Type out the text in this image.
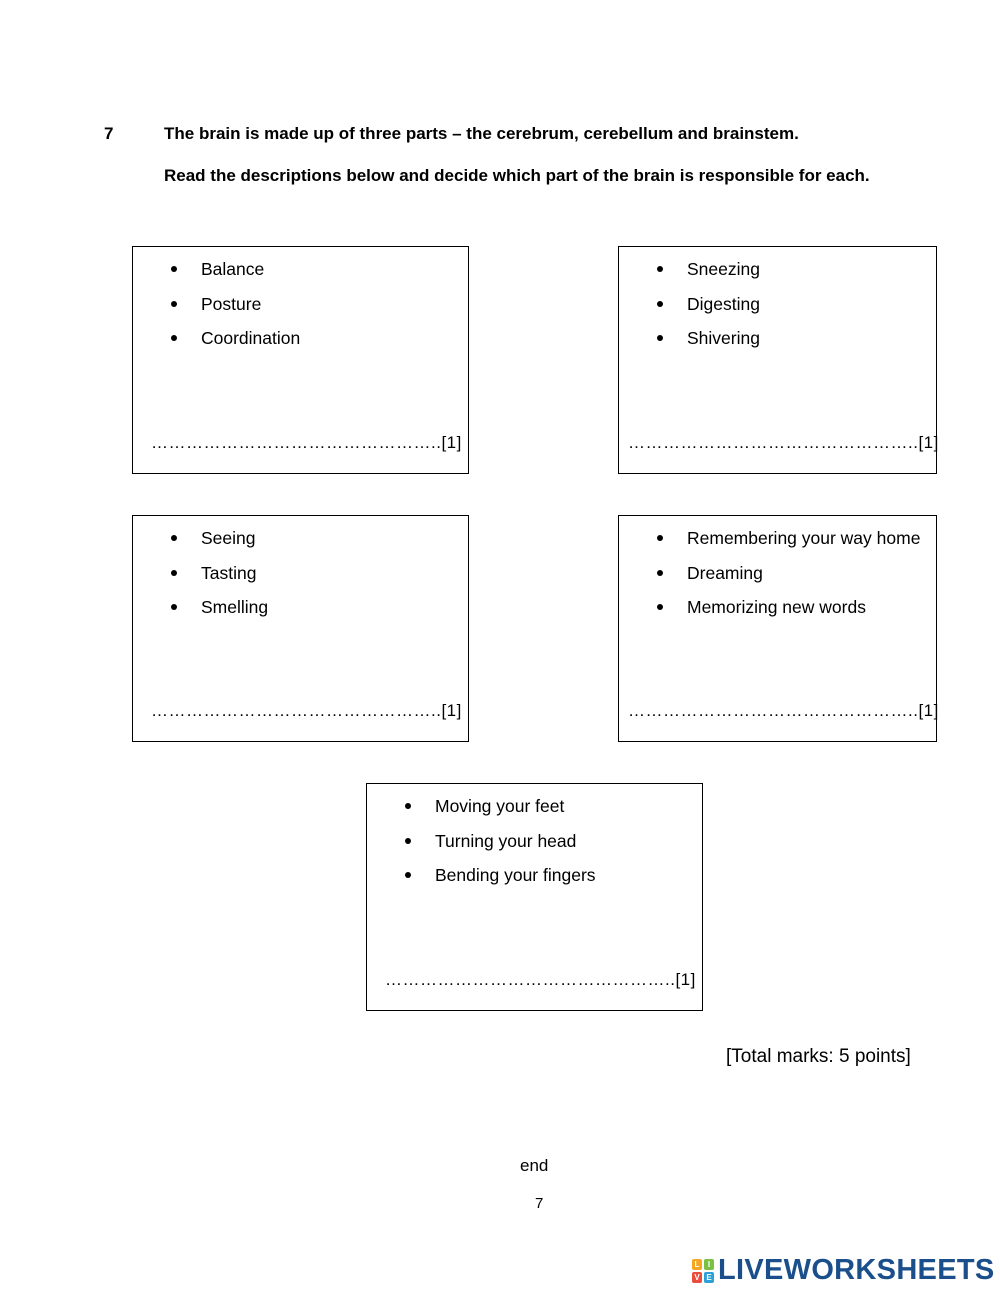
7	The brain is made up of three parts – the cerebrum, cerebellum and brainstem.
Read the descriptions below and decide which part of the brain is responsible for each.
Balance
Posture
Coordination
…………………………………………..[1]
Sneezing
Digesting
Shivering
…………………………………………..[1]
Seeing
Tasting
Smelling
…………………………………………..[1]
Remembering your way home
Dreaming
Memorizing new words
…………………………………………..[1]
Moving your feet
Turning your head
Bending your fingers
…………………………………………..[1]
[Total marks: 5 points]
end
7
L	I
V E LIVEWORKSHEETS
